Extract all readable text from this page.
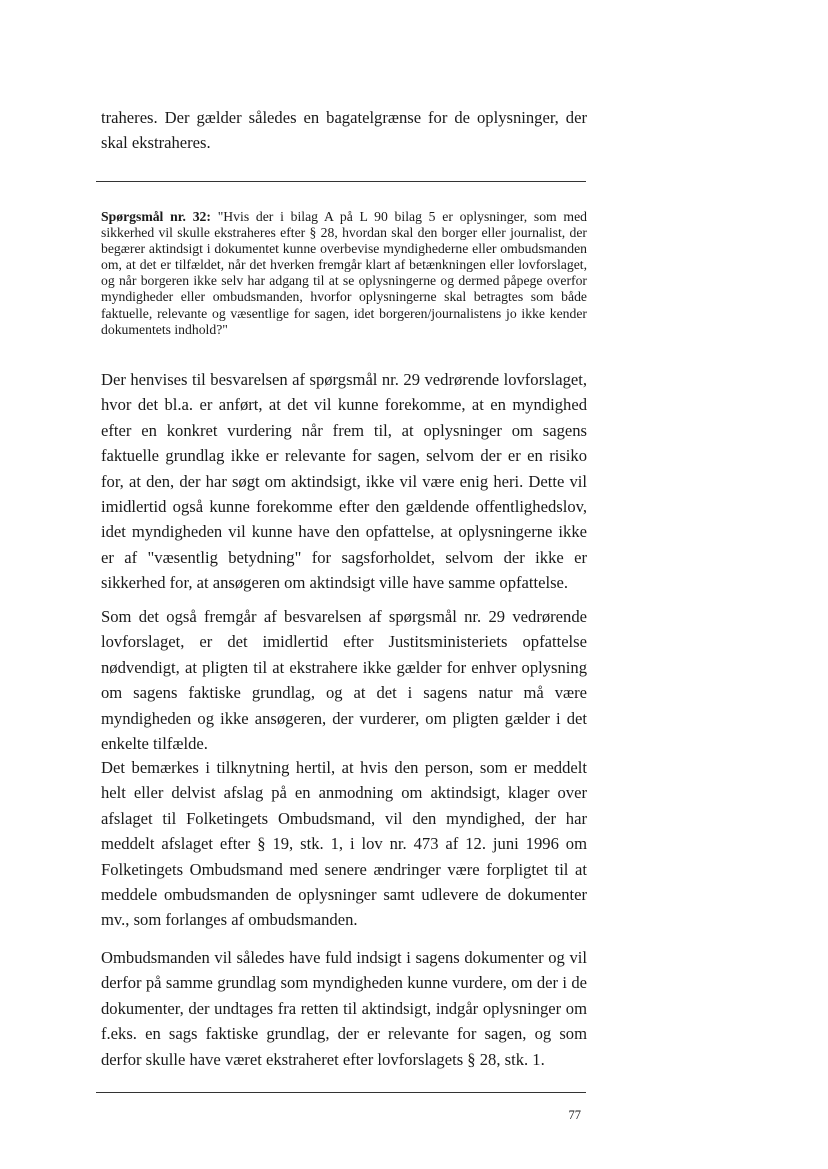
traheres. Der gælder således en bagatelgrænse for de oplysninger, der skal ekstraheres.

Spørgsmål nr. 32: "Hvis der i bilag A på L 90 bilag 5 er oplysninger, som med sikkerhed vil skulle ekstraheres efter § 28, hvordan skal den borger eller journalist, der begærer aktindsigt i dokumentet kunne overbevise myndighederne eller ombudsmanden om, at det er tilfældet, når det hverken fremgår klart af betænkningen eller lovforslaget, og når borgeren ikke selv har adgang til at se oplysningerne og dermed påpege overfor myndigheder eller ombudsmanden, hvorfor oplysningerne skal betragtes som både faktuelle, relevante og væsentlige for sagen, idet borgeren/journalistens jo ikke kender dokumentets indhold?"

Der henvises til besvarelsen af spørgsmål nr. 29 vedrørende lovforslaget, hvor det bl.a. er anført, at det vil kunne forekomme, at en myndighed efter en konkret vurdering når frem til, at oplysninger om sagens faktuelle grundlag ikke er relevante for sagen, selvom der er en risiko for, at den, der har søgt om aktindsigt, ikke vil være enig heri. Dette vil imidlertid også kunne forekomme efter den gældende offentlighedslov, idet myndigheden vil kunne have den opfattelse, at oplysningerne ikke er af "væsentlig betydning" for sagsforholdet, selvom der ikke er sikkerhed for, at ansøgeren om aktindsigt ville have samme opfattelse.

Som det også fremgår af besvarelsen af spørgsmål nr. 29 vedrørende lovforslaget, er det imidlertid efter Justitsministeriets opfattelse nødvendigt, at pligten til at ekstrahere ikke gælder for enhver oplysning om sagens faktiske grundlag, og at det i sagens natur må være myndigheden og ikke ansøgeren, der vurderer, om pligten gælder i det enkelte tilfælde.

Det bemærkes i tilknytning hertil, at hvis den person, som er meddelt helt eller delvist afslag på en anmodning om aktindsigt, klager over afslaget til Folketingets Ombudsmand, vil den myndighed, der har meddelt afslaget efter § 19, stk. 1, i lov nr. 473 af 12. juni 1996 om Folketingets Ombudsmand med senere ændringer være forpligtet til at meddele ombudsmanden de oplysninger samt udlevere de dokumenter mv., som forlanges af ombudsmanden.

Ombudsmanden vil således have fuld indsigt i sagens dokumenter og vil derfor på samme grundlag som myndigheden kunne vurdere, om der i de dokumenter, der undtages fra retten til aktindsigt, indgår oplysninger om f.eks. en sags faktiske grundlag, der er relevante for sagen, og som derfor skulle have været ekstraheret efter lovforslagets § 28, stk. 1.

77
